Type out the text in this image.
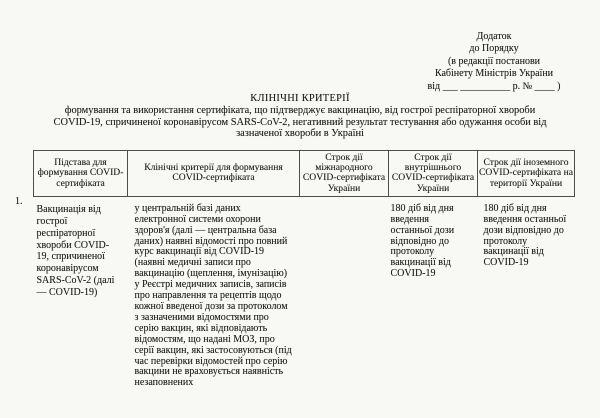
Додаток
до Порядку
(в редакції постанови
Кабінету Міністрів України
від ___ __________ р. № ____ )
КЛІНІЧНІ КРИТЕРІЇ
формування та використання сертифіката, що підтверджує вакцинацію, від гострої респіраторної хвороби
COVID-19, спричиненої коронавірусом SARS-CoV-2, негативний результат тестування або одужання особи від
зазначеної хвороби в Україні
Підстава для формування COVID-сертифіката	Клінічні критерії для формування COVID-сертифіката	Строк дії міжнародного COVID-сертифіката України	Строк дії внутрішнього COVID-сертифіката України	Строк дії іноземного COVID-сертифіката на території України
Вакцинація від гострої респіраторної хвороби COVID-19, спричиненої коронавірусом SARS-CoV-2 (далі — COVID-19)	у центральній базі даних електронної системи охорони здоров'я (далі — центральна база даних) наявні відомості про повний курс вакцинації від COVID-19 (наявні медичні записи про вакцинацію (щеплення, імунізацію) у Реєстрі медичних записів, записів про направлення та рецептів щодо кожної введеної дози за протоколом з зазначеними відомостями про серію вакцин, які відповідають відомостям, що надані МОЗ, про серії вакцин, які застосовуються (під час перевірки відомостей про серію вакцини не враховується наявність незаповнених		180 діб від дня введення останньої дози відповідно до протоколу вакцинації від COVID-19	180 діб від дня введення останньої дози відповідно до протоколу вакцинації від COVID-19
1.
